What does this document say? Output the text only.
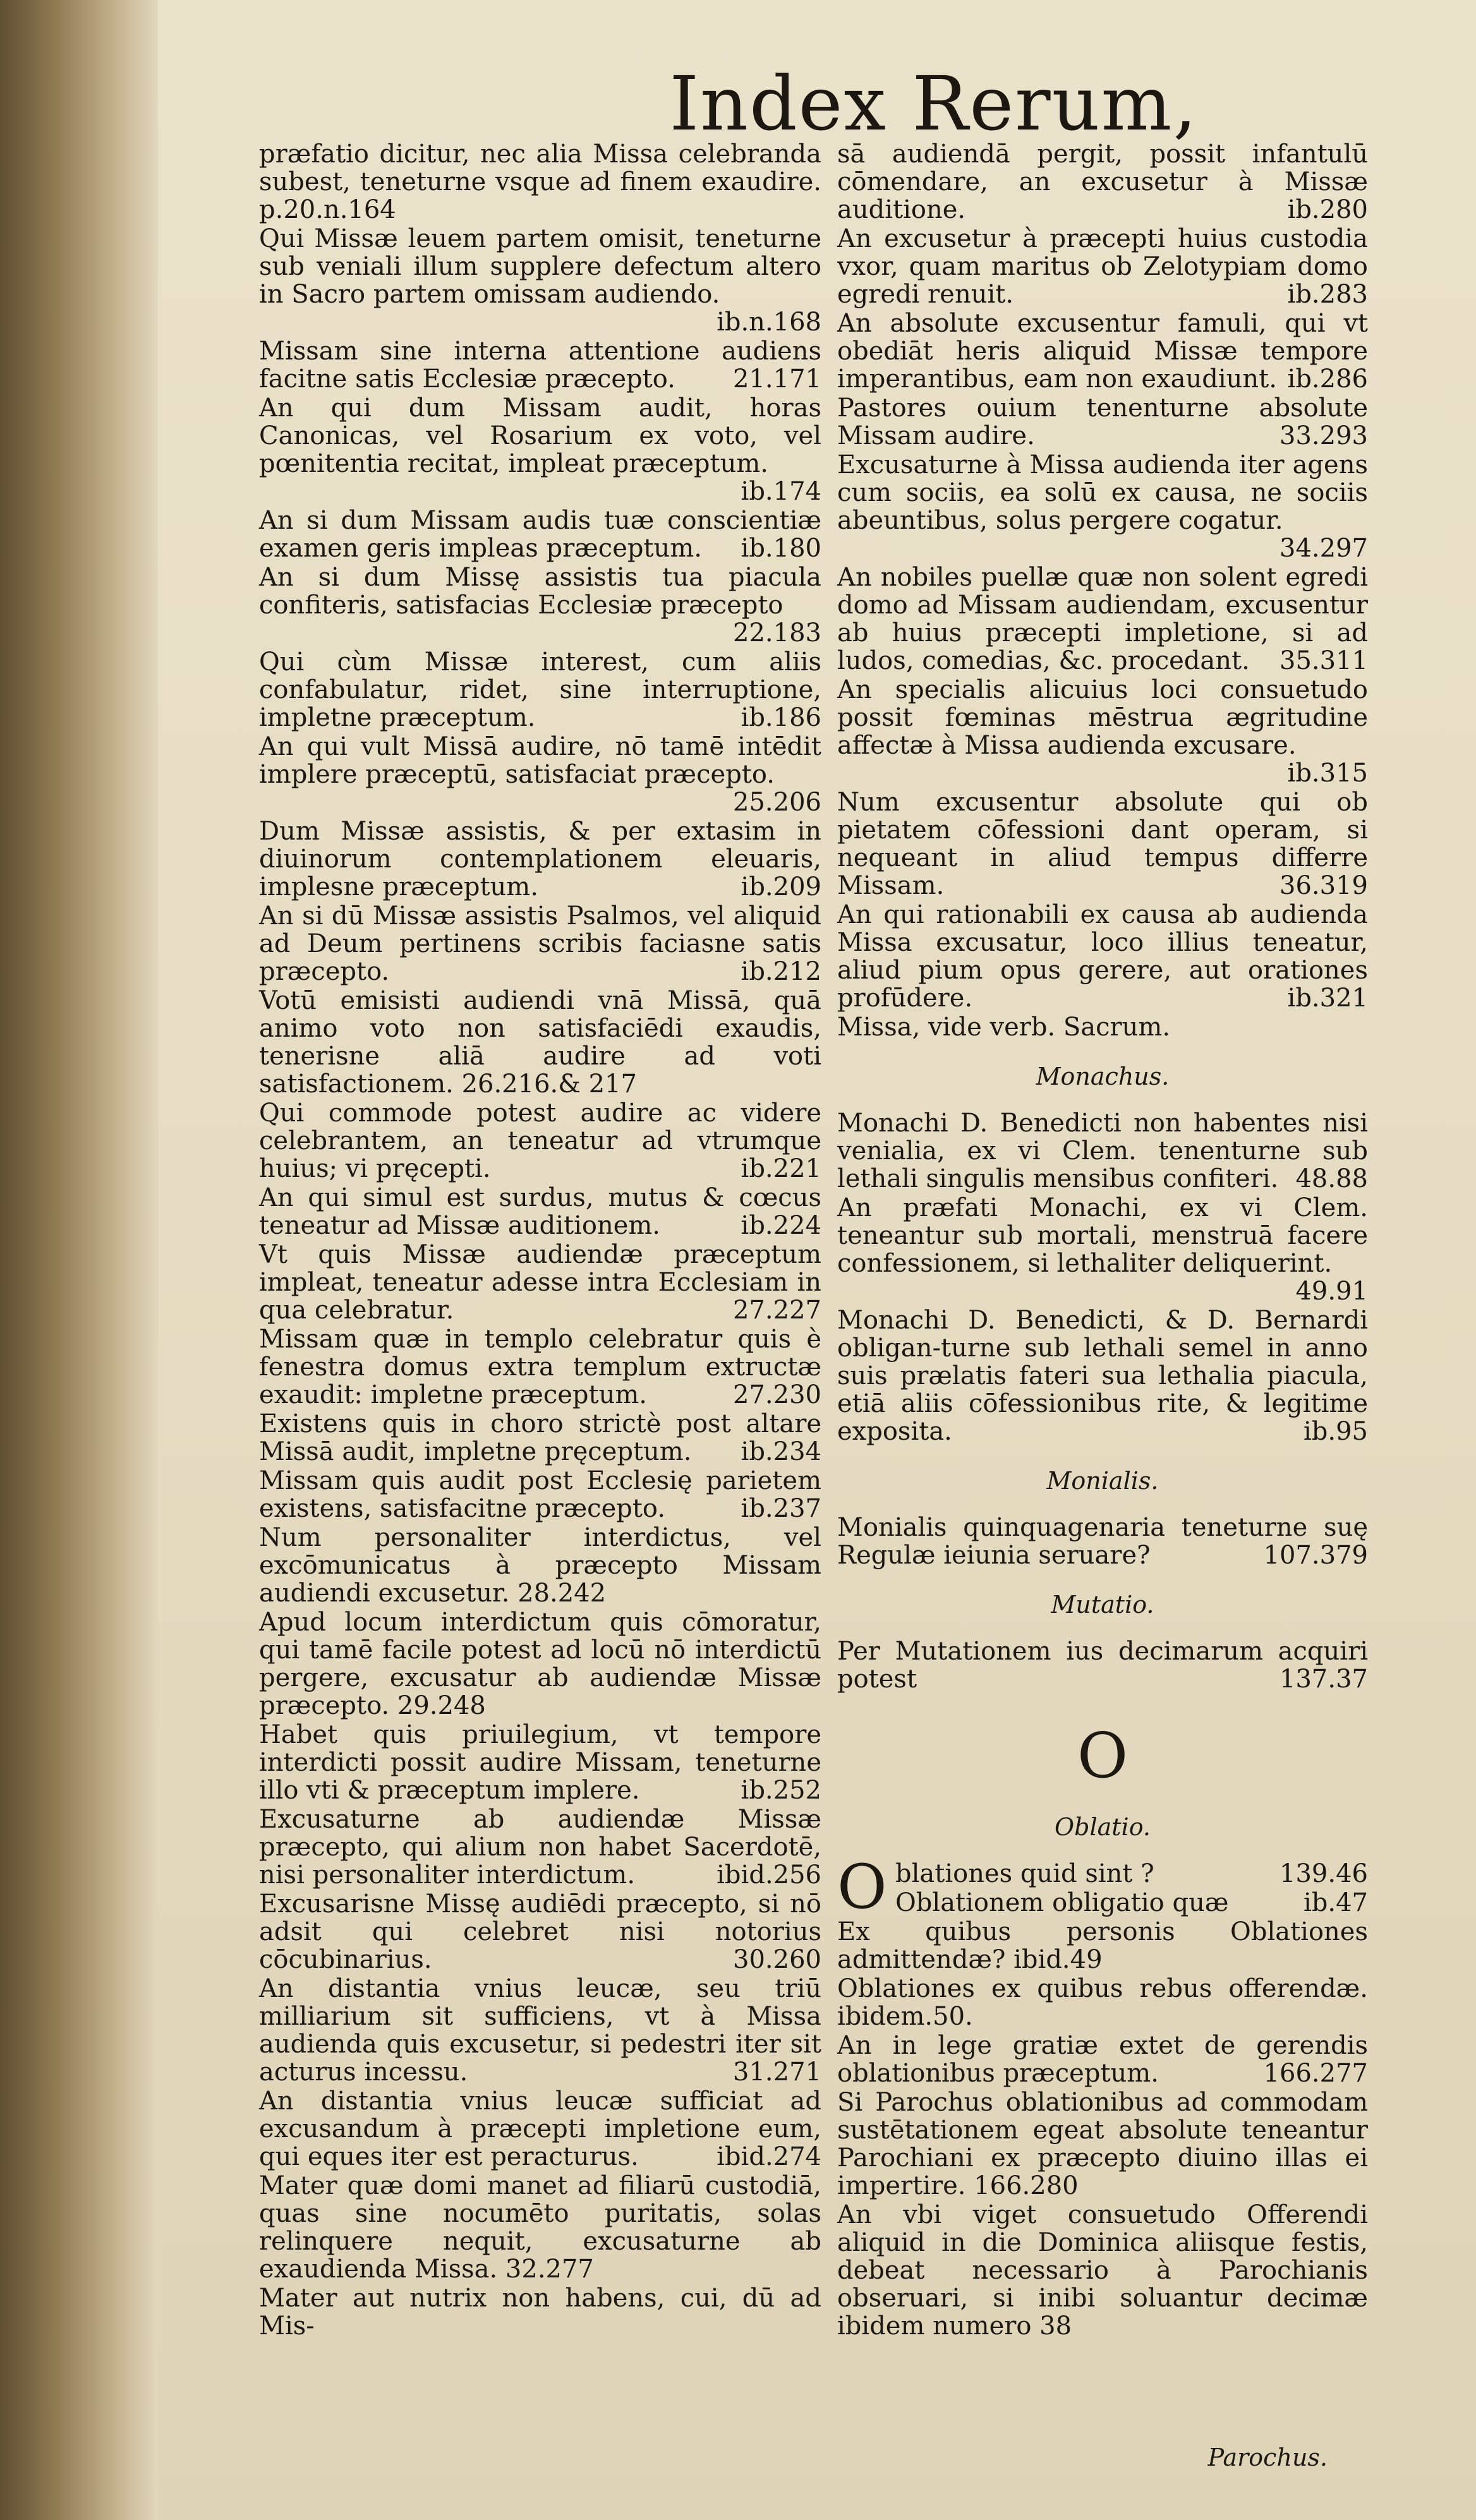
Index Rerum,
præfatio dicitur, nec alia Missa celebranda subest, teneturne vsque ad finem exaudire. p.20.n.164
Qui Missæ leuem partem omisit, teneturne sub veniali illum supplere defectum altero in Sacro partem omissam audiendo.
ib.n.168
Missam sine interna attentione audiens facitne satis Ecclesiæ præcepto. 21.171
An qui dum Missam audit, horas Canonicas, vel Rosarium ex voto, vel pœnitentia recitat, impleat præceptum.
ib.174
An si dum Missam audis tuæ conscientiæ examen geris impleas præceptum. ib.180
An si dum Missę assistis tua piacula confiteris, satisfacias Ecclesiæ præcepto
22.183
Qui cùm Missæ interest, cum aliis confabulatur, ridet, sine interruptione, impletne præceptum.	ib.186
An qui vult Missā audire, nō tamē intēdit implere præceptū, satisfaciat præcepto.
25.206
Dum Missæ assistis, & per extasim in diuinorum contemplationem eleuaris, implesne præceptum.	ib.209
An si dū Missæ assistis Psalmos, vel aliquid ad Deum pertinens scribis faciasne satis præcepto.	ib.212
Votū emisisti audiendi vnā Missā, quā animo voto non satisfaciēdi exaudis, tenerisne aliā audire ad voti satisfactionem. 26.216.& 217
Qui commode potest audire ac videre celebrantem, an teneatur ad vtrumque huius; vi pręcepti.	ib.221
An qui simul est surdus, mutus & cœcus teneatur ad Missæ auditionem.	ib.224
Vt quis Missæ audiendæ præceptum impleat, teneatur adesse intra Ecclesiam in qua celebratur.	27.227
Missam quæ in templo celebratur quis è fenestra domus extra templum extructæ exaudit: impletne præceptum.	27.230
Existens quis in choro strictè post altare Missā audit, impletne pręceptum. ib.234
Missam quis audit post Ecclesię parietem existens, satisfacitne præcepto.	ib.237
Num personaliter interdictus, vel excōmunicatus à præcepto Missam audiendi excusetur. 28.242
Apud locum interdictum quis cōmoratur, qui tamē facile potest ad locū nō interdictū pergere, excusatur ab audiendæ Missæ præcepto. 29.248
Habet quis priuilegium, vt tempore interdicti possit audire Missam, teneturne illo vti & præceptum implere.	ib.252
Excusaturne ab audiendæ Missæ præcepto, qui alium non habet Sacerdotē, nisi personaliter interdictum.	ibid.256
Excusarisne Missę audiēdi præcepto, si nō adsit qui celebret nisi notorius cōcubinarius.	30.260
An distantia vnius leucæ, seu triū milliarium sit sufficiens, vt à Missa audienda quis excusetur, si pedestri iter sit acturus incessu.	31.271
An distantia vnius leucæ sufficiat ad excusandum à præcepti impletione eum, qui eques iter est peracturus.	ibid.274
Mater quæ domi manet ad filiarū custodiā, quas sine nocumēto puritatis, solas relinquere nequit, excusaturne ab exaudienda Missa. 32.277
Mater aut nutrix non habens, cui, dū ad Mis-
sā audiendā pergit, possit infantulū cōmendare, an excusetur à Missæ auditione.	ib.280
An excusetur à præcepti huius custodia vxor, quam maritus ob Zelotypiam domo egredi renuit.	ib.283
An absolute excusentur famuli, qui vt obediāt heris aliquid Missæ tempore imperantibus, eam non exaudiunt. ib.286
Pastores ouium tenenturne absolute Missam audire.	33.293
Excusaturne à Missa audienda iter agens cum sociis, ea solū ex causa, ne sociis abeuntibus, solus pergere cogatur.
34.297
An nobiles puellæ quæ non solent egredi domo ad Missam audiendam, excusentur ab huius præcepti impletione, si ad ludos, comedias, &c. procedant. 35.311
An specialis alicuius loci consuetudo possit fœminas mēstrua ægritudine affectæ à Missa audienda excusare.
ib.315
Num excusentur absolute qui ob pietatem cōfessioni dant operam, si nequeant in aliud tempus differre Missam.	36.319
An qui rationabili ex causa ab audienda Missa excusatur, loco illius teneatur, aliud pium opus gerere, aut orationes profūdere.	ib.321
Missa, vide verb. Sacrum.
Monachus.
Monachi D. Benedicti non habentes nisi venialia, ex vi Clem. tenenturne sub lethali singulis mensibus confiteri. 48.88
An præfati Monachi, ex vi Clem. teneantur sub mortali, menstruā facere confessionem, si lethaliter deliquerint.
49.91
Monachi D. Benedicti, & D. Bernardi obligan-turne sub lethali semel in anno suis prælatis fateri sua lethalia piacula, etiā aliis cōfessionibus rite, & legitime exposita.	ib.95
Monialis.
Monialis quinquagenaria teneturne suę Regulæ ieiunia seruare?	107.379
Mutatio.
Per Mutationem ius decimarum acquiri potest	137.37
O
Oblatio.
O blationes quid sint ?	139.46
Oblationem obligatio quæ	ib.47
Ex quibus personis Oblationes admittendæ? ibid.49
Oblationes ex quibus rebus offerendæ. ibidem.50.
An in lege gratiæ extet de gerendis oblationibus præceptum.	166.277
Si Parochus oblationibus ad commodam sustētationem egeat absolute teneantur Parochiani ex præcepto diuino illas ei impertire. 166.280
An vbi viget consuetudo Offerendi aliquid in die Dominica aliisque festis, debeat necessario à Parochianis obseruari, si inibi soluantur decimæ ibidem numero 38
Parochus.
